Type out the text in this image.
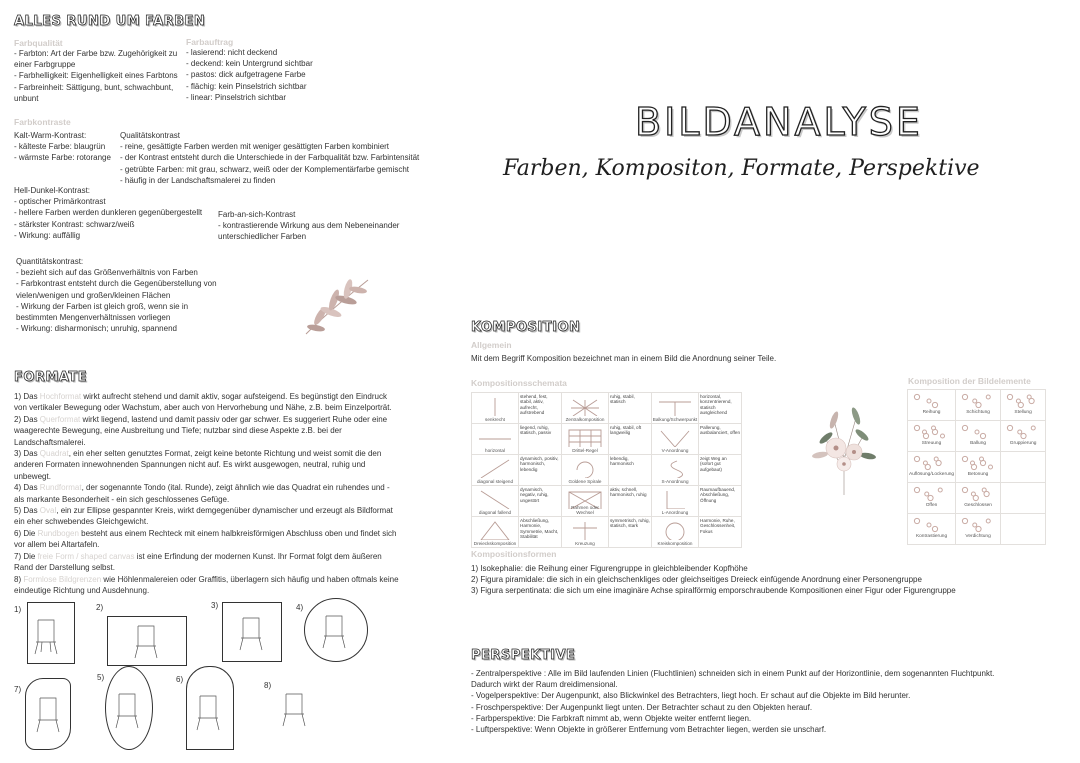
ALLES RUND UM FARBEN
Farbqualität
- Farbton: Art der Farbe bzw. Zugehörigkeit zu
einer Farbgruppe
- Farbhelligkeit: Eigenhelligkeit eines Farbtons
- Farbreinheit: Sättigung, bunt, schwachbunt,
unbunt
Farbauftrag
- lasierend: nicht deckend
- deckend: kein Untergrund sichtbar
- pastos: dick aufgetragene Farbe
- flächig: kein Pinselstrich sichtbar
- linear: Pinselstrich sichtbar
Farbkontraste
Kalt-Warm-Kontrast:
- kälteste Farbe: blaugrün
- wärmste Farbe: rotorange
Qualitätskontrast
- reine, gesättigte Farben werden mit weniger gesättigten Farben kombiniert
- der Kontrast entsteht durch die Unterschiede in der Farbqualität bzw. Farbintensität
- getrübte Farben: mit grau, schwarz, weiß oder der Komplementärfarbe gemischt
- häufig in der Landschaftsmalerei zu finden
Hell-Dunkel-Kontrast:
- optischer Primärkontrast
- hellere Farben werden dunkleren gegenübergestellt
- stärkster Kontrast: schwarz/weiß
- Wirkung: auffällig
Farb-an-sich-Kontrast
- kontrastierende Wirkung aus dem Nebeneinander
unterschiedlicher Farben
Quantitätskontrast:
- bezieht sich auf das Größenverhältnis von Farben
- Farbkontrast entsteht durch die Gegenüberstellung von
vielen/wenigen und großen/kleinen Flächen
- Wirkung der Farben ist gleich groß, wenn sie in
bestimmten Mengenverhältnissen vorliegen
- Wirkung: disharmonisch; unruhig, spannend
FORMATE
1) Das Hochformat wirkt aufrecht stehend und damit aktiv, sogar aufsteigend. Es begünstigt den Eindruck von vertikaler Bewegung oder Wachstum, aber auch von Hervorhebung und Nähe, z.B. beim Einzelporträt.
2) Das Querformat wirkt liegend, lastend und damit passiv oder gar schwer. Es suggeriert Ruhe oder eine waagerechte Bewegung, eine Ausbreitung und Tiefe; nutzbar sind diese Aspekte z.B. bei der Landschaftsmalerei.
3) Das Quadrat, ein eher selten genutztes Format, zeigt keine betonte Richtung und weist somit die den anderen Formaten innewohnenden Spannungen nicht auf. Es wirkt ausgewogen, neutral, ruhig und unbewegt.
4) Das Rundformat, der sogenannte Tondo (ital. Runde), zeigt ähnlich wie das Quadrat ein ruhendes und - als markante Besonderheit - ein sich geschlossenes Gefüge.
5) Das Oval, ein zur Ellipse gespannter Kreis, wirkt demgegenüber dynamischer und erzeugt als Bildformat ein eher schwebendes Gleichgewicht.
6) Die Rundbogen besteht aus einem Rechteck mit einem halbkreisförmigen Abschluss oben und findet sich vor allem bei Altartafeln.
7) Die freie Form / shaped canvas ist eine Erfindung der modernen Kunst. Ihr Format folgt dem äußeren Rand der Darstellung selbst.
8) Formlose Bildgrenzen wie Höhlenmalereien oder Graffitis, überlagern sich häufig und haben oftmals keine eindeutige Richtung und Ausdehnung.
1)	2)	3)	4)
7)
5)	6)
8)
BILDANALYSE
Farben, Kompositon, Formate, Perspektive
KOMPOSITION
Allgemein
Mit dem Begriff Komposition bezeichnet man in einem Bild die Anordnung seiner Teile.
Kompositionsschemata
senkrecht	stehend, fest, stabil, aktiv, aufrecht, aufstrebend	Zentralkomposition	ruhig, stabil, statisch	Balkung/Schwerpunkt	horizontal, konzentrierend, statisch ausgleichend

horizontal	liegend, ruhig, statisch, passiv	Drittel-Regel	ruhig, stabil, oft langweilig	V-Anordnung	Pallerung, ausbalanciert, offen

diagonal steigend	dynamisch, positiv, harmonisch, lebendig	Goldene Spirale	lebendig, harmonisch	S-Anordnung	zeigt Weg an (sofort gut aufgebaut)

diagonal fallend	dynamisch, negativ, ruhig, ungestört	Rahmen oder Wechsel	aktiv, schnell, harmonisch, ruhig	L-Anordnung	Raumaufbauend, Abschließung, Öffnung

Dreieckskomposition	Abschließung, Harmonie, Symmetrie, Macht, Stabilität	Kreuzung	symmetrisch, ruhig, statisch, stark	Kreiskomposition	Harmonie, Ruhe, Geschlossenheit, Fokus
Komposition der Bildelemente
Reihung	Schichtung	Stellung

Streuung	Ballung	Gruppierung

Auflösung/Lockerung	Betonung	

Offen	Geschlossen	

Kontrastierung	Verdichtung	

Kompositionsformen
1) Isokephalie: die Reihung einer Figurengruppe in gleichbleibender Kopfhöhe
2) Figura piramidale: die sich in ein gleichschenkliges oder gleichseitiges Dreieck einfügende Anordnung einer Personengruppe
3) Figura serpentinata: die sich um eine imaginäre Achse spiralförmig emporschraubende Kompositionen einer Figur oder Figurengruppe
PERSPEKTIVE
- Zentralperspektive : Alle im Bild laufenden Linien (Fluchtlinien) schneiden sich in einem Punkt auf der Horizontlinie, dem sogenannten Fluchtpunkt.
Dadurch wirkt der Raum dreidimensional.
- Vogelperspektive: Der Augenpunkt, also Blickwinkel des Betrachters, liegt hoch. Er schaut auf die Objekte im Bild herunter.
- Froschperspektive: Der Augenpunkt liegt unten. Der Betrachter schaut zu den Objekten herauf.
- Farbperspektive: Die Farbkraft nimmt ab, wenn Objekte weiter entfernt liegen.
- Luftperspektive: Wenn Objekte in größerer Entfernung vom Betrachter liegen, werden sie unscharf.
